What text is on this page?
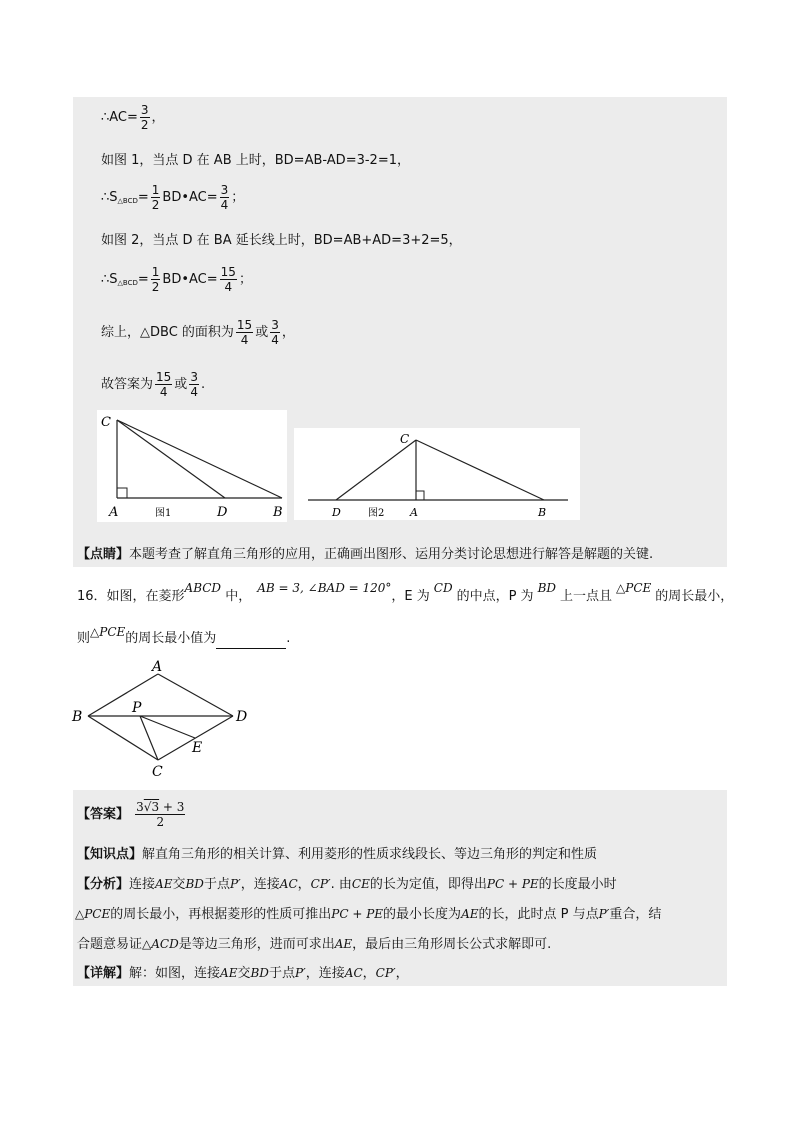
∴AC= $\frac{3}{2}$ ，
如图 1，当点 D 在 AB 上时，BD=AB-AD=3-2=1，
$\therefore S_{\triangle BCD}= \frac{1}{2}$ BD•AC= $\frac{3}{4}$ ；
如图 2，当点 D 在 BA 延长线上时，BD=AB+AD=3+2=5，
$\therefore S_{\triangle BCD}= \frac{1}{2}$ BD•AC= $\frac{15}{4}$ ；
综上，△DBC 的面积为 $\frac{15}{4}$ 或 $\frac{3}{4}$ ，
故答案为 $\frac{15}{4}$ 或 $\frac{3}{4}$ .
C
A	D	B
图1
C
D	A	B
图2
【点睛】本题考查了解直角三角形的应用，正确画出图形、运用分类讨论思想进行解答是解题的关键.
16．如图，在菱形ABCD 中，AB = 3, ∠BAD = 120°，E 为CD的中点，P 为BD上一点且△PCE的周长最小，
则△PCE的周长最小值为	.
A
B	D
C
P
E
【答案】 $\frac{3√3 + 3}{2}$
【知识点】解直角三角形的相关计算、利用菱形的性质求线段长、等边三角形的判定和性质
【分析】连接AE交BD于点P′，连接AC，CP′. 由CE的长为定值，即得出PC + PE的长度最小时
△PCE的周长最小，再根据菱形的性质可推出PC + PE的最小长度为AE的长，此时点 P 与点P′重合，结
合题意易证△ACD是等边三角形，进而可求出AE，最后由三角形周长公式求解即可.
【详解】解：如图，连接AE交BD于点P′，连接AC，CP′，
